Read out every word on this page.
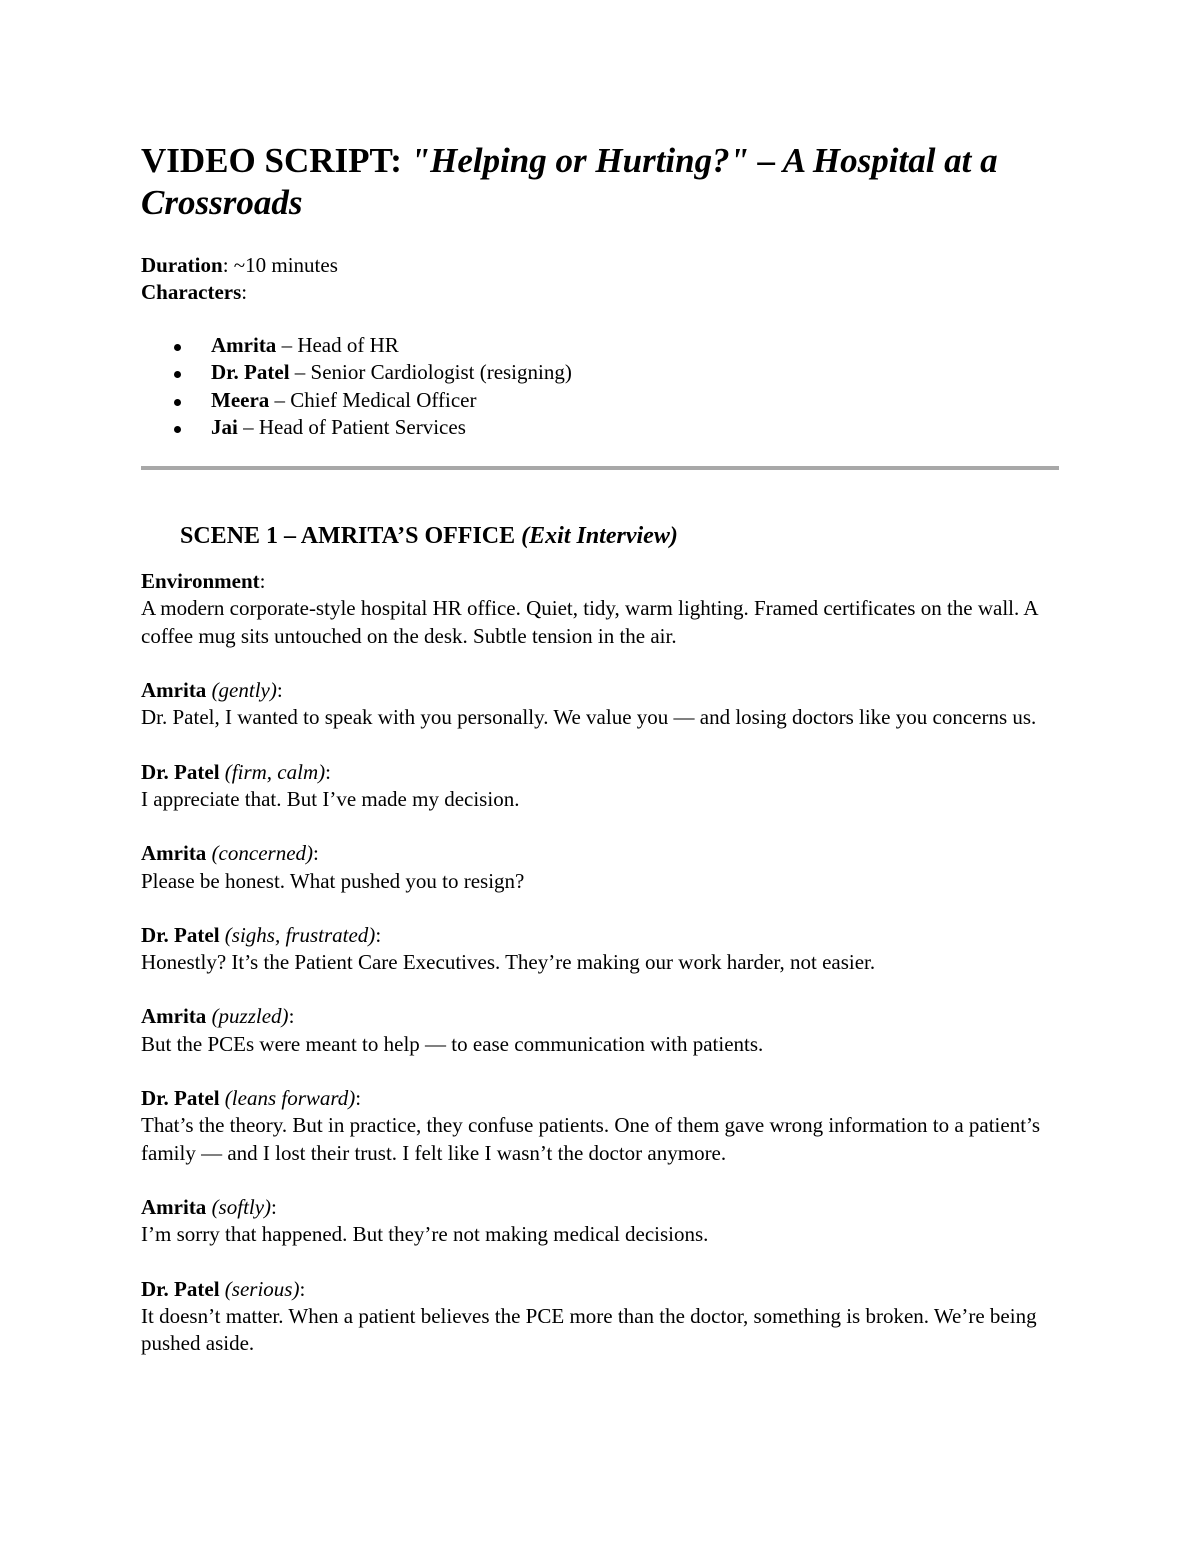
VIDEO SCRIPT: "Helping or Hurting?" – A Hospital at a Crossroads
Duration: ~10 minutes
Characters:
Amrita – Head of HR
Dr. Patel – Senior Cardiologist (resigning)
Meera – Chief Medical Officer
Jai – Head of Patient Services
SCENE 1 – AMRITA’S OFFICE (Exit Interview)
Environment:
A modern corporate-style hospital HR office. Quiet, tidy, warm lighting. Framed certificates on the wall. A coffee mug sits untouched on the desk. Subtle tension in the air.
Amrita (gently):
Dr. Patel, I wanted to speak with you personally. We value you — and losing doctors like you concerns us.
Dr. Patel (firm, calm):
I appreciate that. But I’ve made my decision.
Amrita (concerned):
Please be honest. What pushed you to resign?
Dr. Patel (sighs, frustrated):
Honestly? It’s the Patient Care Executives. They’re making our work harder, not easier.
Amrita (puzzled):
But the PCEs were meant to help — to ease communication with patients.
Dr. Patel (leans forward):
That’s the theory. But in practice, they confuse patients. One of them gave wrong information to a patient’s family — and I lost their trust. I felt like I wasn’t the doctor anymore.
Amrita (softly):
I’m sorry that happened. But they’re not making medical decisions.
Dr. Patel (serious):
It doesn’t matter. When a patient believes the PCE more than the doctor, something is broken. We’re being pushed aside.
